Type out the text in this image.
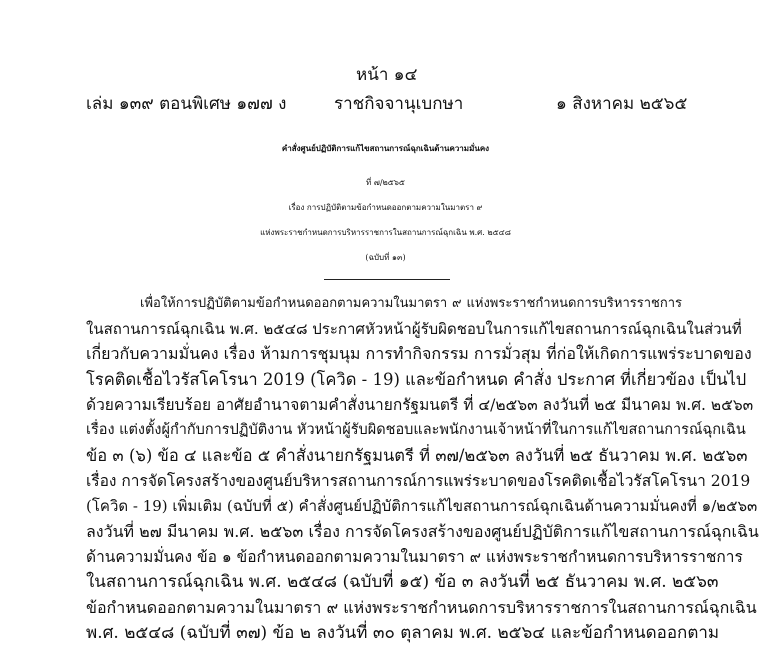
หน้า ๑๔
เล่ม ๑๓๙ ตอนพิเศษ ๑๗๗ ง	ราชกิจจานุเบกษา	๑ สิงหาคม ๒๕๖๕
คำสั่งศูนย์ปฏิบัติการแก้ไขสถานการณ์ฉุกเฉินด้านความมั่นคง
ที่ ๗/๒๕๖๕
เรื่อง การปฏิบัติตามข้อกำหนดออกตามความในมาตรา ๙
แห่งพระราชกำหนดการบริหารราชการในสถานการณ์ฉุกเฉิน พ.ศ. ๒๕๔๘
(ฉบับที่ ๑๓)
เพื่อให้การปฏิบัติตามข้อกำหนดออกตามความในมาตรา ๙ แห่งพระราชกำหนดการบริหารราชการ
ในสถานการณ์ฉุกเฉิน พ.ศ. ๒๕๔๘ ประกาศหัวหน้าผู้รับผิดชอบในการแก้ไขสถานการณ์ฉุกเฉินในส่วนที่
เกี่ยวกับความมั่นคง เรื่อง ห้ามการชุมนุม การทำกิจกรรม การมั่วสุม ที่ก่อให้เกิดการแพร่ระบาดของ
โรคติดเชื้อไวรัสโคโรนา 2019 (โควิด - 19) และข้อกำหนด คำสั่ง ประกาศ ที่เกี่ยวข้อง เป็นไป
ด้วยความเรียบร้อย อาศัยอำนาจตามคำสั่งนายกรัฐมนตรี ที่ ๔/๒๕๖๓ ลงวันที่ ๒๕ มีนาคม พ.ศ. ๒๕๖๓
เรื่อง แต่งตั้งผู้กำกับการปฏิบัติงาน หัวหน้าผู้รับผิดชอบและพนักงานเจ้าหน้าที่ในการแก้ไขสถานการณ์ฉุกเฉิน
ข้อ ๓ (๖) ข้อ ๔ และข้อ ๕ คำสั่งนายกรัฐมนตรี ที่ ๓๗/๒๕๖๓ ลงวันที่ ๒๕ ธันวาคม พ.ศ. ๒๕๖๓
เรื่อง การจัดโครงสร้างของศูนย์บริหารสถานการณ์การแพร่ระบาดของโรคติดเชื้อไวรัสโคโรนา 2019
(โควิด - 19) เพิ่มเติม (ฉบับที่ ๕) คำสั่งศูนย์ปฏิบัติการแก้ไขสถานการณ์ฉุกเฉินด้านความมั่นคงที่ ๑/๒๕๖๓
ลงวันที่ ๒๗ มีนาคม พ.ศ. ๒๕๖๓ เรื่อง การจัดโครงสร้างของศูนย์ปฏิบัติการแก้ไขสถานการณ์ฉุกเฉิน
ด้านความมั่นคง ข้อ ๑ ข้อกำหนดออกตามความในมาตรา ๙ แห่งพระราชกำหนดการบริหารราชการ
ในสถานการณ์ฉุกเฉิน พ.ศ. ๒๕๔๘ (ฉบับที่ ๑๕) ข้อ ๓ ลงวันที่ ๒๕ ธันวาคม พ.ศ. ๒๕๖๓
ข้อกำหนดออกตามความในมาตรา ๙ แห่งพระราชกำหนดการบริหารราชการในสถานการณ์ฉุกเฉิน
พ.ศ. ๒๕๔๘ (ฉบับที่ ๓๗) ข้อ ๒ ลงวันที่ ๓๐ ตุลาคม พ.ศ. ๒๕๖๔ และข้อกำหนดออกตาม
